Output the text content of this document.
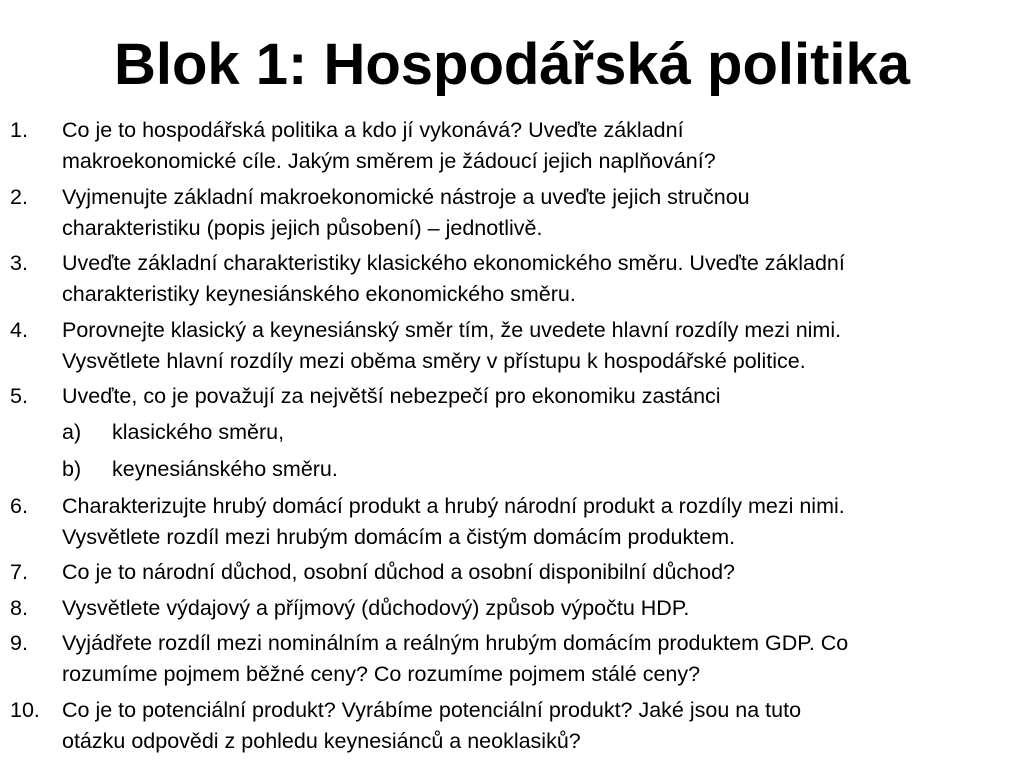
Blok 1: Hospodářská politika
1. Co je to hospodářská politika a kdo jí vykonává? Uveďte základní
makroekonomické cíle. Jakým směrem je žádoucí jejich naplňování?
2. Vyjmenujte základní makroekonomické nástroje a uveďte jejich stručnou
charakteristiku (popis jejich působení) – jednotlivě.
3. Uveďte základní charakteristiky klasického ekonomického směru. Uveďte základní
charakteristiky keynesiánského ekonomického směru.
4. Porovnejte klasický a keynesiánský směr tím, že uvedete hlavní rozdíly mezi nimi.
Vysvětlete hlavní rozdíly mezi oběma směry v přístupu k hospodářské politice.
5. Uveďte, co je považují za největší nebezpečí pro ekonomiku zastánci
a) klasického směru,
b) keynesiánského směru.
6. Charakterizujte hrubý domácí produkt a hrubý národní produkt a rozdíly mezi nimi.
Vysvětlete rozdíl mezi hrubým domácím a čistým domácím produktem.
7. Co je to národní důchod, osobní důchod a osobní disponibilní důchod?
8. Vysvětlete výdajový a příjmový (důchodový) způsob výpočtu HDP.
9. Vyjádřete rozdíl mezi nominálním a reálným hrubým domácím produktem GDP. Co
rozumíme pojmem běžné ceny? Co rozumíme pojmem stálé ceny?
10. Co je to potenciální produkt? Vyrábíme potenciální produkt? Jaké jsou na tuto
otázku odpovědi z pohledu keynesiánců a neoklasiků?
